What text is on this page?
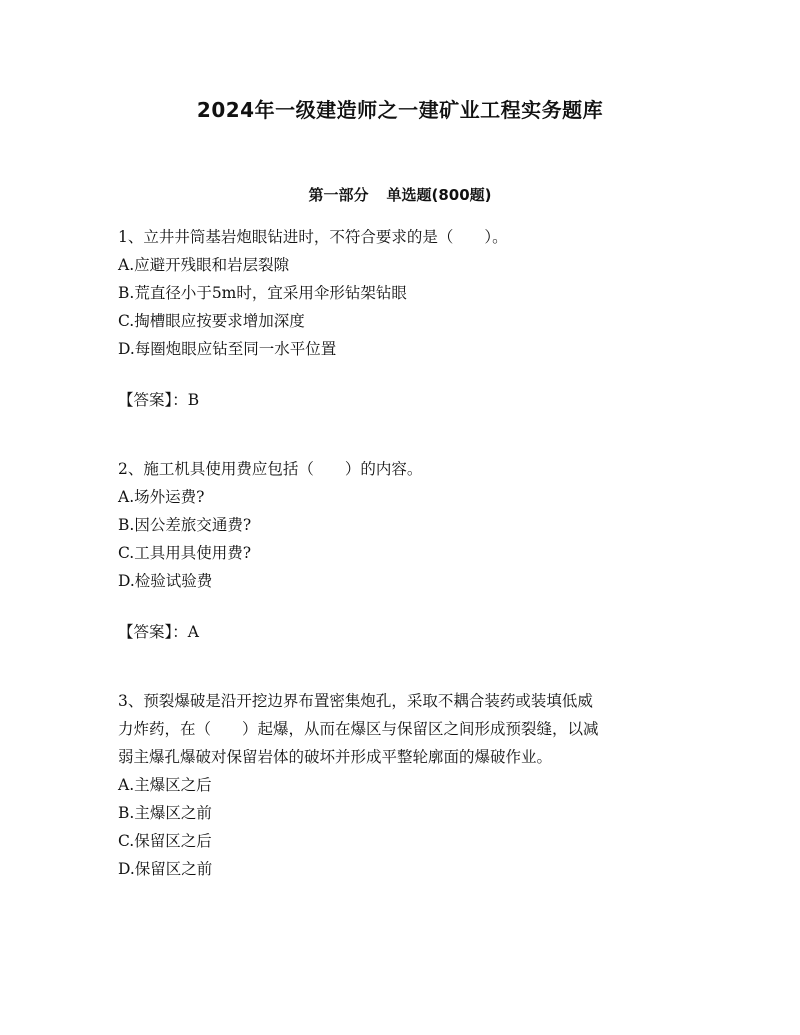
2024年一级建造师之一建矿业工程实务题库
第一部分 单选题(800题)
1、立井井筒基岩炮眼钻进时，不符合要求的是（　　）。
A.应避开残眼和岩层裂隙
B.荒直径小于5m时，宜采用伞形钻架钻眼
C.掏槽眼应按要求增加深度
D.每圈炮眼应钻至同一水平位置
【答案】：B
2、施工机具使用费应包括（　　）的内容。
A.场外运费?
B.因公差旅交通费?
C.工具用具使用费?
D.检验试验费
【答案】：A
3、预裂爆破是沿开挖边界布置密集炮孔，采取不耦合装药或装填低威
力炸药，在（　　）起爆，从而在爆区与保留区之间形成预裂缝，以减
弱主爆孔爆破对保留岩体的破坏并形成平整轮廓面的爆破作业。
A.主爆区之后
B.主爆区之前
C.保留区之后
D.保留区之前
